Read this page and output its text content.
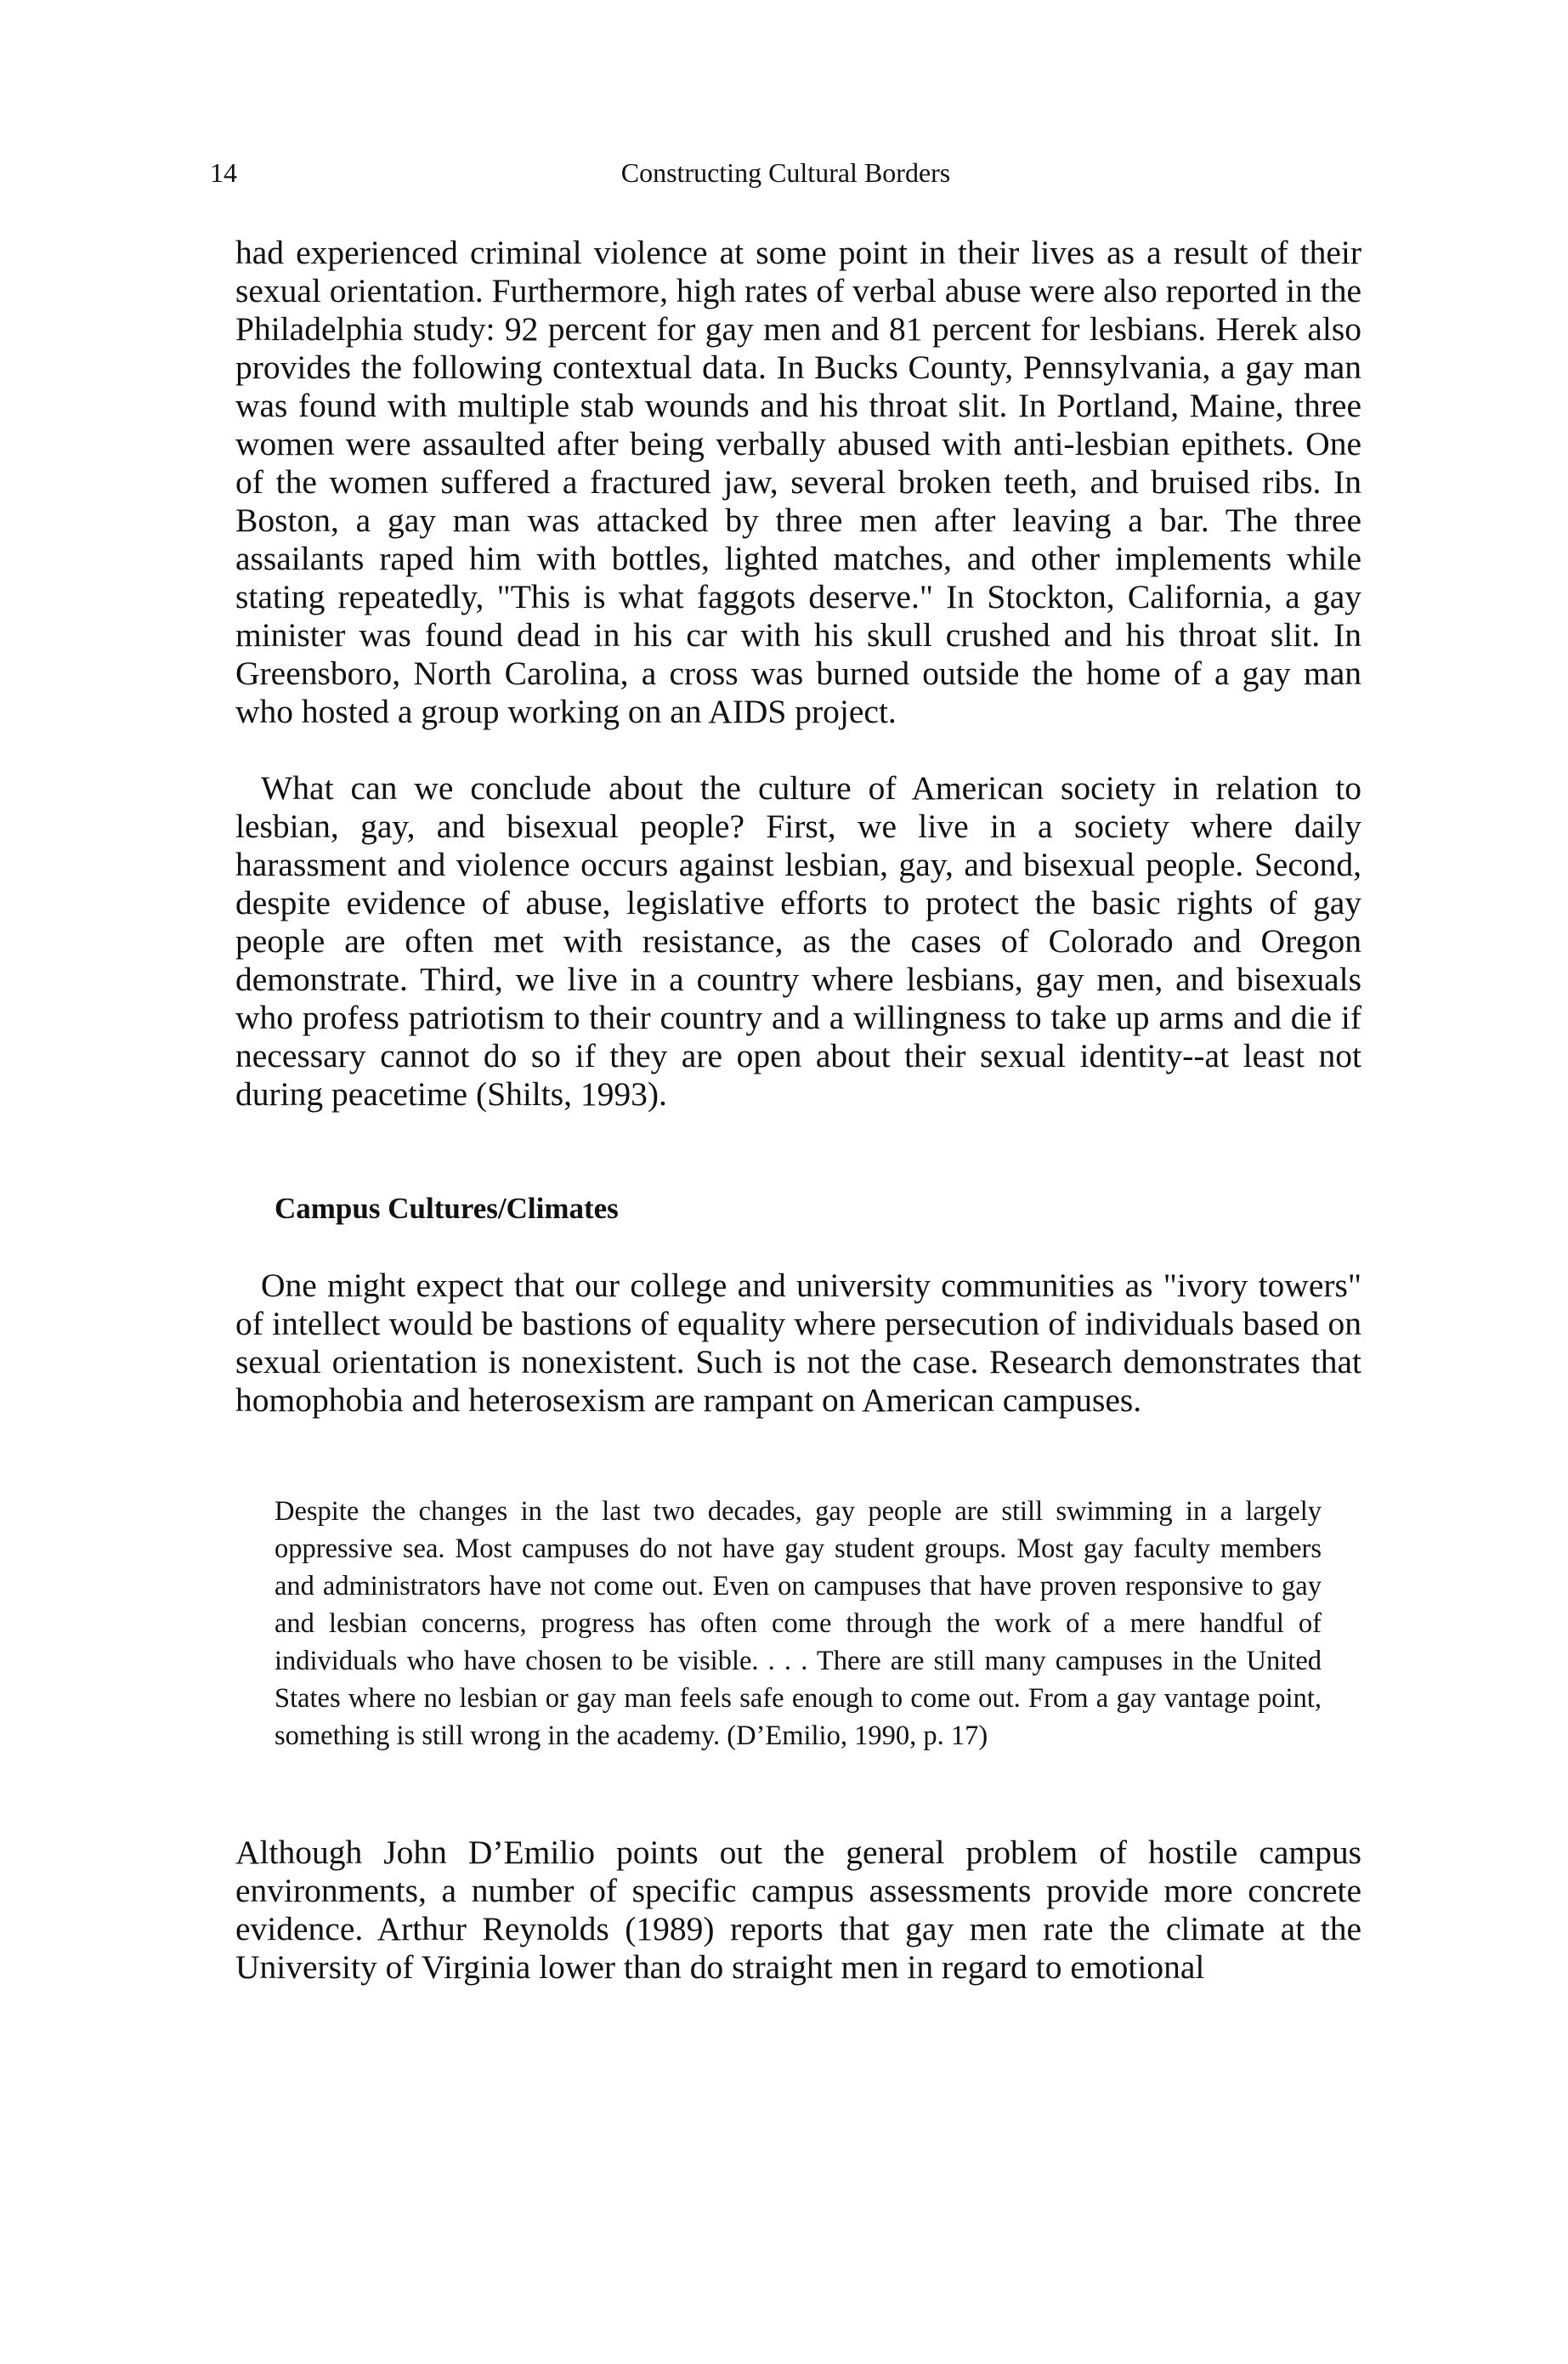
14	Constructing Cultural Borders

had experienced criminal violence at some point in their lives as a result of their sexual orientation. Furthermore, high rates of verbal abuse were also reported in the Philadelphia study: 92 percent for gay men and 81 percent for lesbians. Herek also provides the following contextual data. In Bucks County, Pennsylvania, a gay man was found with multiple stab wounds and his throat slit. In Portland, Maine, three women were assaulted after being verbally abused with anti-lesbian epithets. One of the women suffered a fractured jaw, several broken teeth, and bruised ribs. In Boston, a gay man was attacked by three men after leaving a bar. The three assailants raped him with bottles, lighted matches, and other implements while stating repeatedly, "This is what faggots deserve." In Stockton, California, a gay minister was found dead in his car with his skull crushed and his throat slit. In Greensboro, North Carolina, a cross was burned outside the home of a gay man who hosted a group working on an AIDS project.

What can we conclude about the culture of American society in relation to lesbian, gay, and bisexual people? First, we live in a society where daily harassment and violence occurs against lesbian, gay, and bisexual people. Second, despite evidence of abuse, legislative efforts to protect the basic rights of gay people are often met with resistance, as the cases of Colorado and Oregon demonstrate. Third, we live in a country where lesbians, gay men, and bisexuals who profess patriotism to their country and a willingness to take up arms and die if necessary cannot do so if they are open about their sexual identity--at least not during peacetime (Shilts, 1993).

Campus Cultures/Climates

One might expect that our college and university communities as "ivory towers" of intellect would be bastions of equality where persecution of individuals based on sexual orientation is nonexistent. Such is not the case. Research demonstrates that homophobia and heterosexism are rampant on American campuses.

Despite the changes in the last two decades, gay people are still swimming in a largely oppressive sea. Most campuses do not have gay student groups. Most gay faculty members and administrators have not come out. Even on campuses that have proven responsive to gay and lesbian concerns, progress has often come through the work of a mere handful of individuals who have chosen to be visible. . . . There are still many campuses in the United States where no lesbian or gay man feels safe enough to come out. From a gay vantage point, something is still wrong in the academy. (D’Emilio, 1990, p. 17)

Although John D’Emilio points out the general problem of hostile campus environments, a number of specific campus assessments provide more concrete evidence. Arthur Reynolds (1989) reports that gay men rate the climate at the University of Virginia lower than do straight men in regard to emotional
